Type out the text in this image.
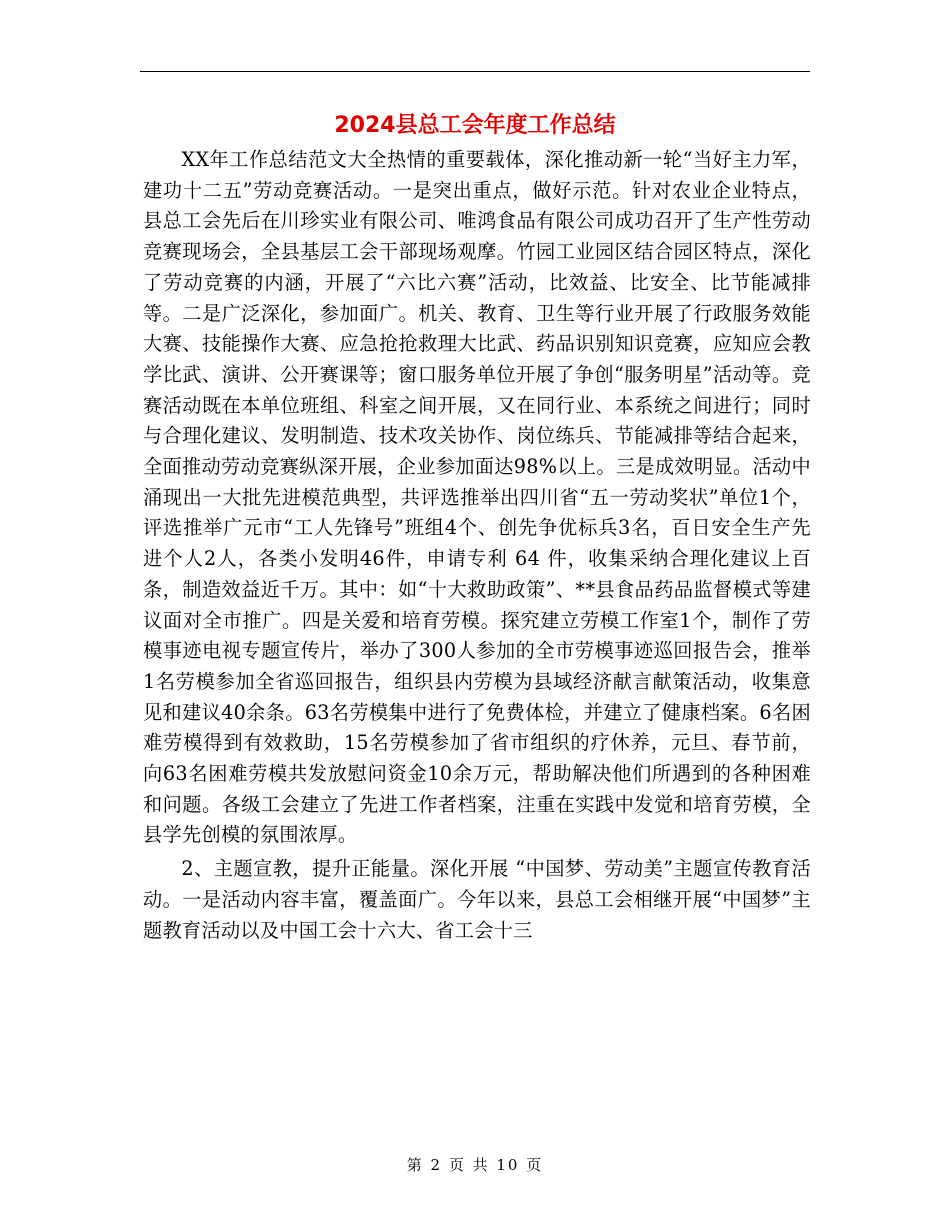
2024县总工会年度工作总结

XX年工作总结范文大全热情的重要载体，深化推动新一轮“当好主力军，建功十二五”劳动竞赛活动。一是突出重点，做好示范。针对农业企业特点，县总工会先后在川珍实业有限公司、唯鸿食品有限公司成功召开了生产性劳动竞赛现场会，全县基层工会干部现场观摩。竹园工业园区结合园区特点，深化了劳动竞赛的内涵，开展了“六比六赛”活动，比效益、比安全、比节能减排等。二是广泛深化，参加面广。机关、教育、卫生等行业开展了行政服务效能大赛、技能操作大赛、应急抢抢救理大比武、药品识别知识竞赛，应知应会教学比武、演讲、公开赛课等；窗口服务单位开展了争创“服务明星”活动等。竞赛活动既在本单位班组、科室之间开展，又在同行业、本系统之间进行；同时与合理化建议、发明制造、技术攻关协作、岗位练兵、节能减排等结合起来，全面推动劳动竞赛纵深开展，企业参加面达98%以上。三是成效明显。活动中涌现出一大批先进模范典型，共评选推举出四川省“五一劳动奖状”单位1个，评选推举广元市“工人先锋号”班组4个、创先争优标兵3名，百日安全生产先进个人2人，各类小发明46件，申请专利 64 件，收集采纳合理化建议上百条，制造效益近千万。其中：如“十大救助政策”、**县食品药品监督模式等建议面对全市推广。四是关爱和培育劳模。探究建立劳模工作室1个，制作了劳模事迹电视专题宣传片，举办了300人参加的全市劳模事迹巡回报告会，推举1名劳模参加全省巡回报告，组织县内劳模为县域经济献言献策活动，收集意见和建议40余条。63名劳模集中进行了免费体检，并建立了健康档案。6名困难劳模得到有效救助，15名劳模参加了省市组织的疗休养，元旦、春节前，向63名困难劳模共发放慰问资金10余万元，帮助解决他们所遇到的各种困难和问题。各级工会建立了先进工作者档案，注重在实践中发觉和培育劳模，全县学先创模的氛围浓厚。

2、主题宣教，提升正能量。深化开展 “中国梦、劳动美”主题宣传教育活动。一是活动内容丰富，覆盖面广。今年以来，县总工会相继开展“中国梦”主题教育活动以及中国工会十六大、省工会十三

第 2 页 共 10 页
